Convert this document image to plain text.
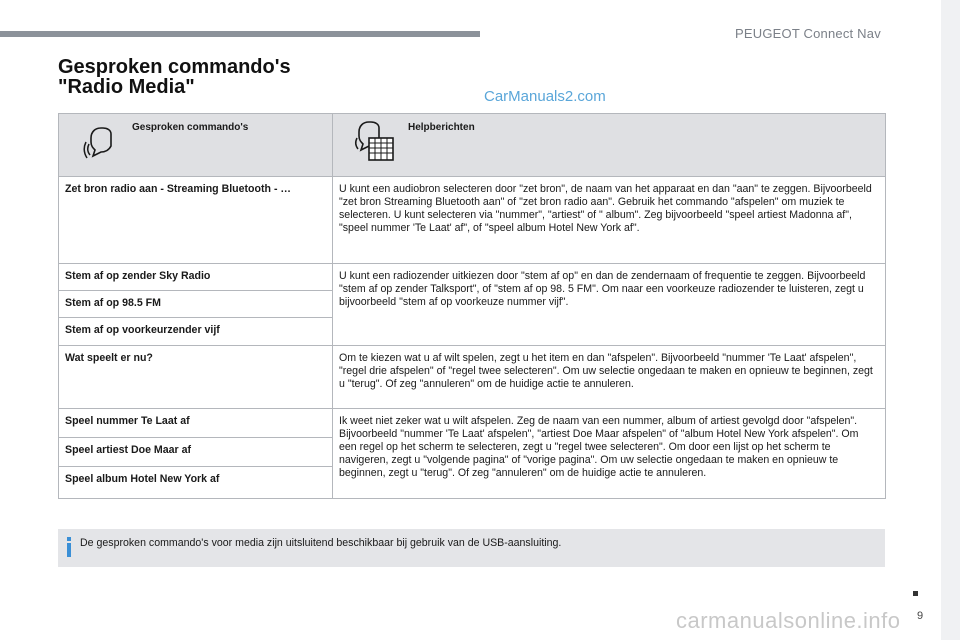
PEUGEOT Connect Nav
Gesproken commando's
"Radio Media"	CarManuals2.com
Gesproken commando's	Helpberichten

Zet bron radio aan - Streaming Bluetooth - …	U kunt een audiobron selecteren door "zet bron", de naam van het apparaat en dan "aan" te zeggen. Bijvoorbeeld "zet bron Streaming Bluetooth aan" of "zet bron radio aan". Gebruik het commando "afspelen" om muziek te selecteren. U kunt selecteren via "nummer", "artiest" of " album". Zeg bijvoorbeeld "speel artiest Madonna af", "speel nummer 'Te Laat' af", of "speel album Hotel New York af".
Stem af op zender Sky Radio	U kunt een radiozender uitkiezen door "stem af op" en dan de zendernaam of frequentie te zeggen. Bijvoorbeeld "stem af op zender Talksport", of "stem af op 98. 5 FM". Om naar een voorkeuze radiozender te luisteren, zegt u bijvoorbeeld "stem af op voorkeuze nummer vijf".
Stem af op 98.5 FM	
Stem af op voorkeurzender vijf	
Wat speelt er nu?	Om te kiezen wat u af wilt spelen, zegt u het item en dan "afspelen". Bijvoorbeeld "nummer 'Te Laat' afspelen", "regel drie afspelen" of "regel twee selecteren". Om uw selectie ongedaan te maken en opnieuw te beginnen, zegt u "terug". Of zeg "annuleren" om de huidige actie te annuleren.
Speel nummer Te Laat af	Ik weet niet zeker wat u wilt afspelen. Zeg de naam van een nummer, album of artiest gevolgd door "afspelen". Bijvoorbeeld "nummer 'Te Laat' afspelen", "artiest Doe Maar afspelen" of "album Hotel New York afspelen". Om een regel op het scherm te selecteren, zegt u "regel twee selecteren". Om door een lijst op het scherm te navigeren, zegt u "volgende pagina" of "vorige pagina". Om uw selectie ongedaan te maken en opnieuw te beginnen, zegt u "terug". Of zeg "annuleren" om de huidige actie te annuleren.
Speel artiest Doe Maar af	
Speel album Hotel New York af	
De gesproken commando's voor media zijn uitsluitend beschikbaar bij gebruik van de USB-aansluiting.
9
carmanualsonline.info
